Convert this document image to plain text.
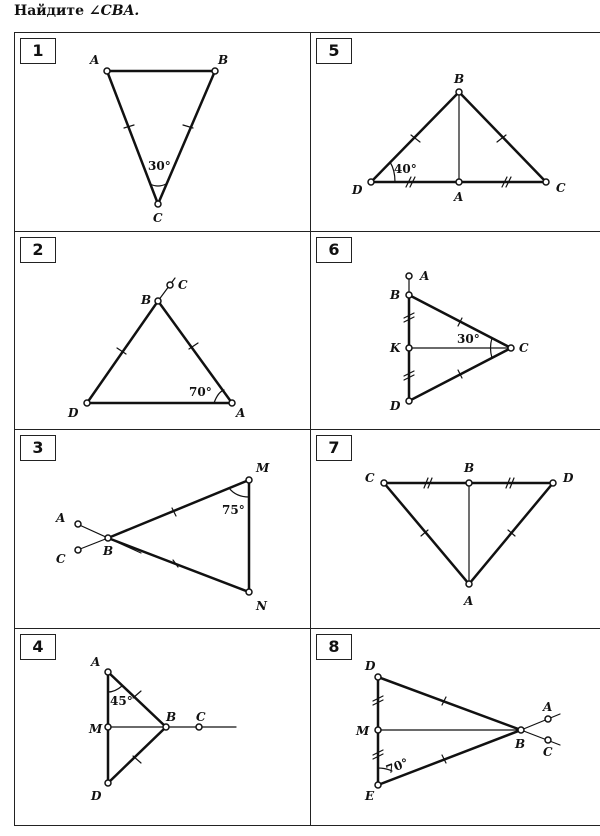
Найдите ∠CBA.
1
2
3
4
5
6
7
8
A	B
C
30°
B
C
D	A
70°
A
C
B
M
N
75°
A
M
D
B C
45°
B
D	A
C
40°
A
B
K
D
C
30°
C
B
D
A
D
M
E
B
A
C
70°
